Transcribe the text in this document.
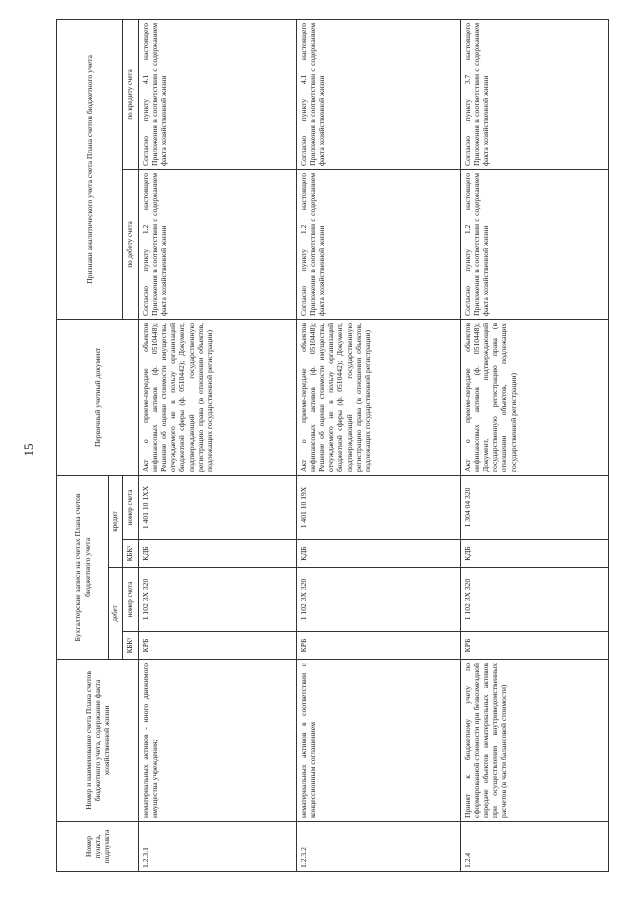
15
Номер пункта, подпункта	Номер и наименование счета Плана счетов бюджетного учета, содержание факта хозяйственной жизни	Бухгалтерские записи на счетах Плана счетов бюджетного учета				Первичный учетный документ	Признаки аналитического учета счета Плана счетов бюджетного учета	
		дебет		кредит				
		КБК¹	номер счета	КБК¹	номер счета		по дебету счета	по кредиту счета
1.2.3.1	нематериальных активов - иного движимого имущества учреждения;	КРБ	1 102 3Х 320	КДБ	1 401 10 1ХХ	Акт о приеме-передаче объектов нефинансовых активов (ф. 0510448); Решение об оценке стоимости имущества, отчуждаемого не в пользу организаций бюджетной сферы (ф. 0510442); Документ, подтверждающий государственную регистрацию права (в отношении объектов, подлежащих государственной регистрации)	Согласно пункту 1.2 настоящего Приложения в соответствии с содержанием факта хозяйственной жизни	Согласно пункту 4.1 настоящего Приложения в соответствии с содержанием факта хозяйственной жизни
1.2.3.2	нематериальных активов в соответствии с концессионным соглашением	КРБ	1 102 3Х 320	КДБ	1 401 10 19Х	Акт о приеме-передаче объектов нефинансовых активов (ф. 0510448); Решение об оценке стоимости имущества, отчуждаемого не в пользу организаций бюджетной сферы (ф. 0510442); Документ, подтверждающий государственную регистрацию права (в отношении объектов, подлежащих государственной регистрации)	Согласно пункту 1.2 настоящего Приложения в соответствии с содержанием факта хозяйственной жизни	Согласно пункту 4.1 настоящего Приложения в соответствии с содержанием факта хозяйственной жизни
1.2.4	Принят к бюджетному учету по сформированной стоимости при безвозмездной передаче объектов нематериальных активов при осуществлении внутриведомственных расчетов (в части балансовой стоимости)	КРБ	1 102 3Х 320	КДБ	1 304 04 320	Акт о приеме-передаче объектов нефинансовых активов (ф. 0510448); Документ, подтверждающий государственную регистрацию права (в отношении объектов, подлежащих государственной регистрации)	Согласно пункту 1.2 настоящего Приложения в соответствии с содержанием факта хозяйственной жизни	Согласно пункту 3.7 настоящего Приложения в соответствии с содержанием факта хозяйственной жизни
